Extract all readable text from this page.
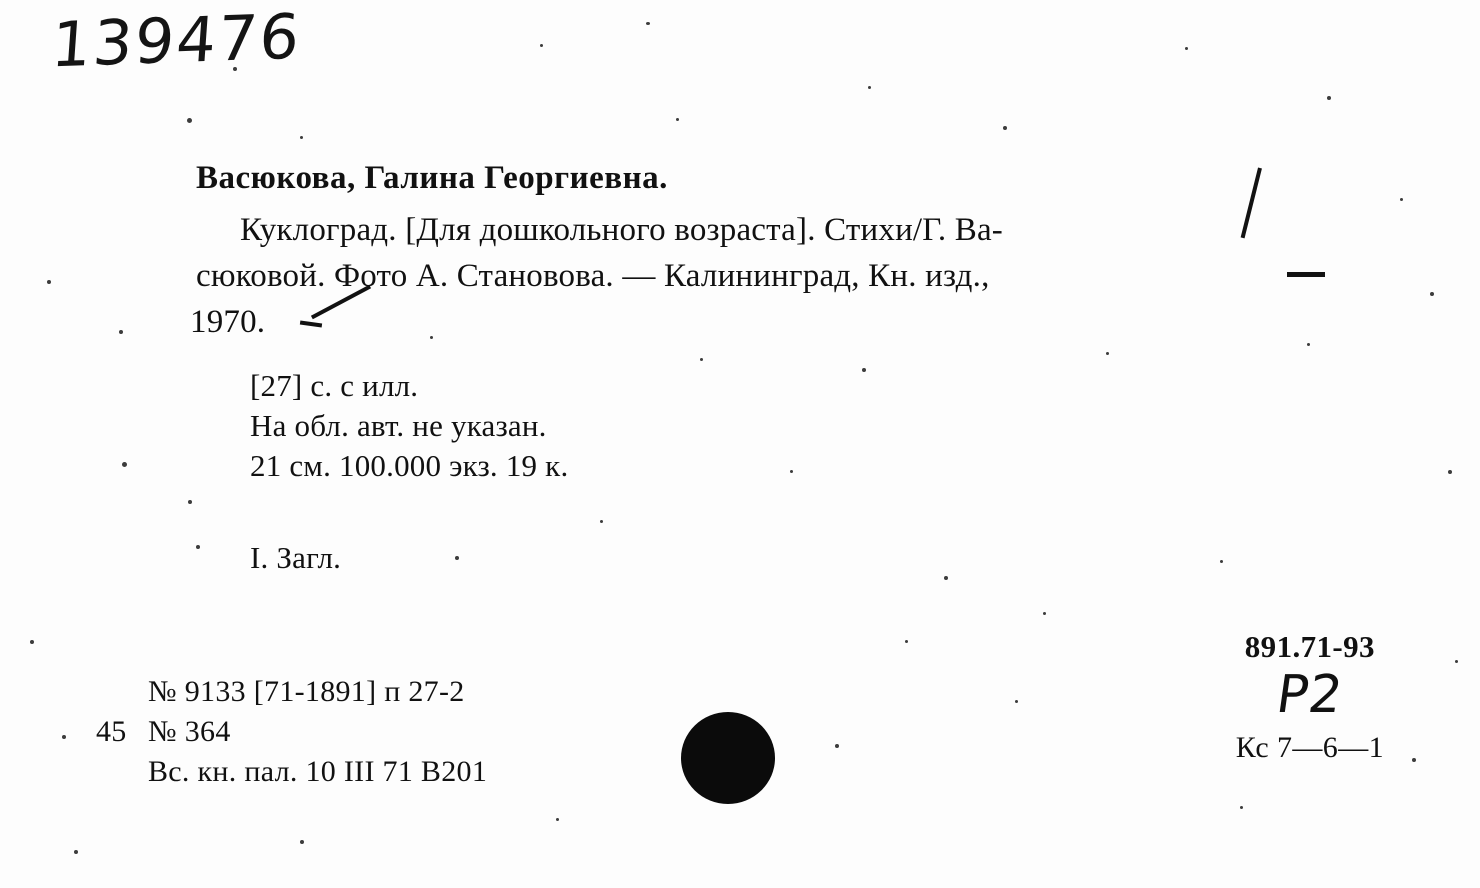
139476
Васюкова, Галина Георгиевна.
Куклоград. [Для дошкольного возраста]. Стихи/Г. Ва-
сюковой. Фото А. Становова. — Калининград, Кн. изд.,
1970.
[27] с. с илл.
На обл. авт. не указан.
21 см. 100.000 экз. 19 к.
I. Загл.
№ 9133 [71-1891] п 27-2
45 № 364
Вс. кн. пал. 10 III 71 B201
891.71-93
Р2
Кс 7—6—1
